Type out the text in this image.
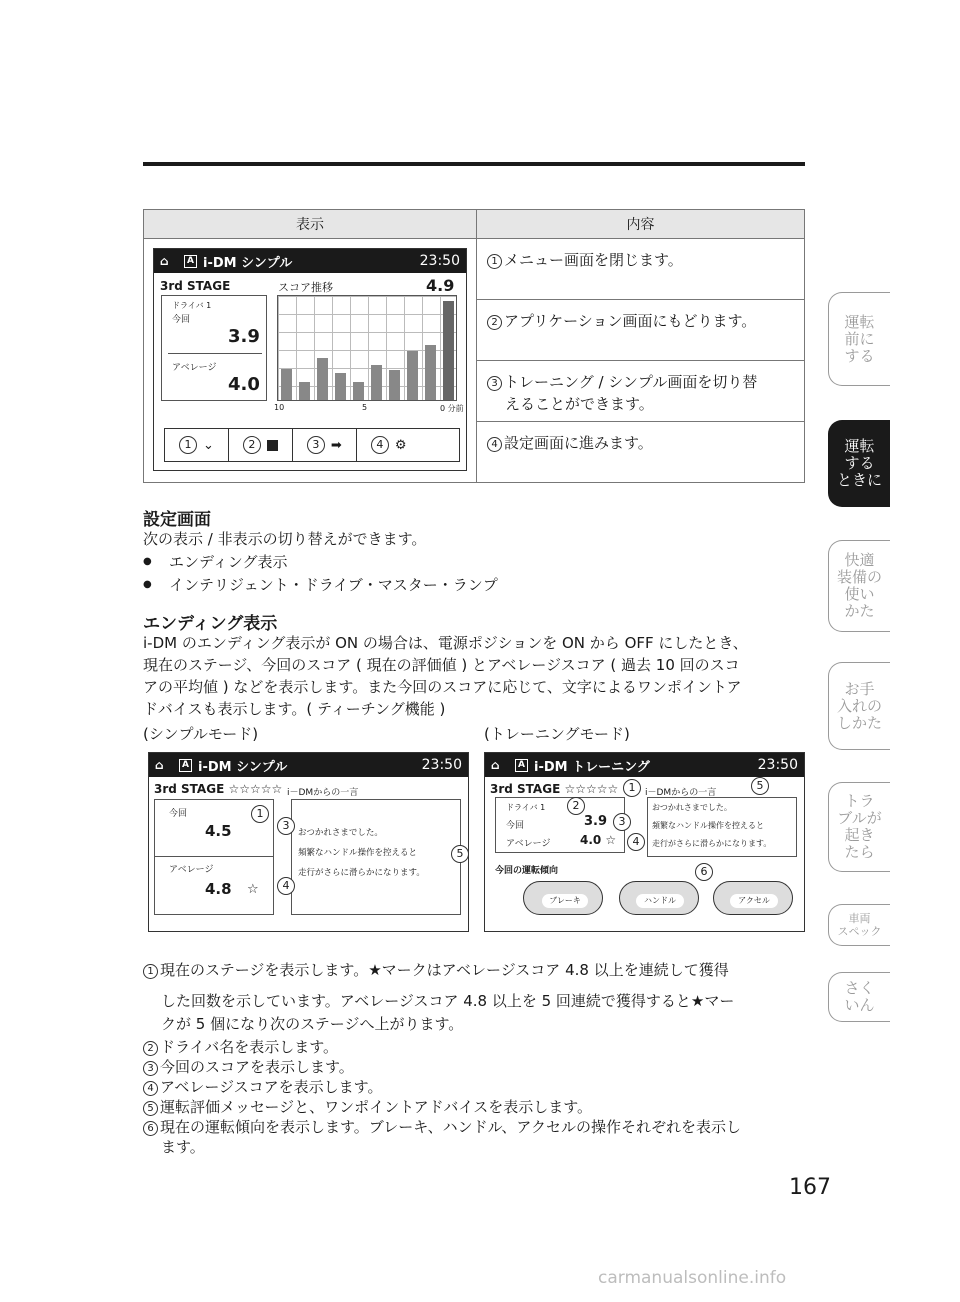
運転
前に
する
運転
する
ときに
快適
装備の
使い
かた
お手
入れの
しかた
トラ
ブルが
起き
たら
車両
スペック
さく
いん
表示	内容
⌂	A i-DM シンプル	23:50
3rd STAGE	スコア推移	4.9
ドライバ 1
今回
3.9
アベレージ
4.0
10	5	0 分前
1 ⌄	2	3 ➡	4 ⚙
1 メニュー画面を閉じます。
2 アプリケーション画面にもどります。
3 トレーニング / シンプル画面を切り替
えることができます。
4 設定画面に進みます。
設定画面
次の表示 / 非表示の切り替えができます。
● エンディング表示
● インテリジェント・ドライブ・マスター・ランプ
エンディング表示
i-DM のエンディング表示が ON の場合は、電源ポジションを ON から OFF にしたとき、
現在のステージ、今回のスコア ( 現在の評価値 ) とアベレージスコア ( 過去 10 回のスコ
アの平均値 ) などを表示します。また今回のスコアに応じて、文字によるワンポイントア
ドバイスも表示します。( ティーチング機能 )
(シンプルモード)	(トレーニングモード)
⌂	A i-DM シンプル	23:50
3rd STAGE ☆☆☆☆☆ i－DMからの一言
今回
4.5
アベレージ
4.8 ☆
おつかれさまでした。
頻繁なハンドル操作を控えると
走行がさらに滑らかになります。
1
3
4
5
⌂	A i-DM トレーニング	23:50
3rd STAGE ☆☆☆☆☆	i－DMからの一言
ドライバ 1
今回	3.9
アベレージ 4.0 ☆
おつかれさまでした。
頻繁なハンドル操作を控えると
走行がさらに滑らかになります。
今回の運転傾向
ブレーキ	ハンドル	アクセル
1
2
3
4
5
6
1 現在のステージを表示します。★マークはアベレージスコア 4.8 以上を連続して獲得
した回数を示しています。アベレージスコア 4.8 以上を 5 回連続で獲得すると★マー
クが 5 個になり次のステージへ上がります。
2 ドライバ名を表示します。
3 今回のスコアを表示します。
4 アベレージスコアを表示します。
5 運転評価メッセージと、ワンポイントアドバイスを表示します。
6 現在の運転傾向を表示します。ブレーキ、ハンドル、アクセルの操作それぞれを表示し
ます。
167
carmanualsonline.info
